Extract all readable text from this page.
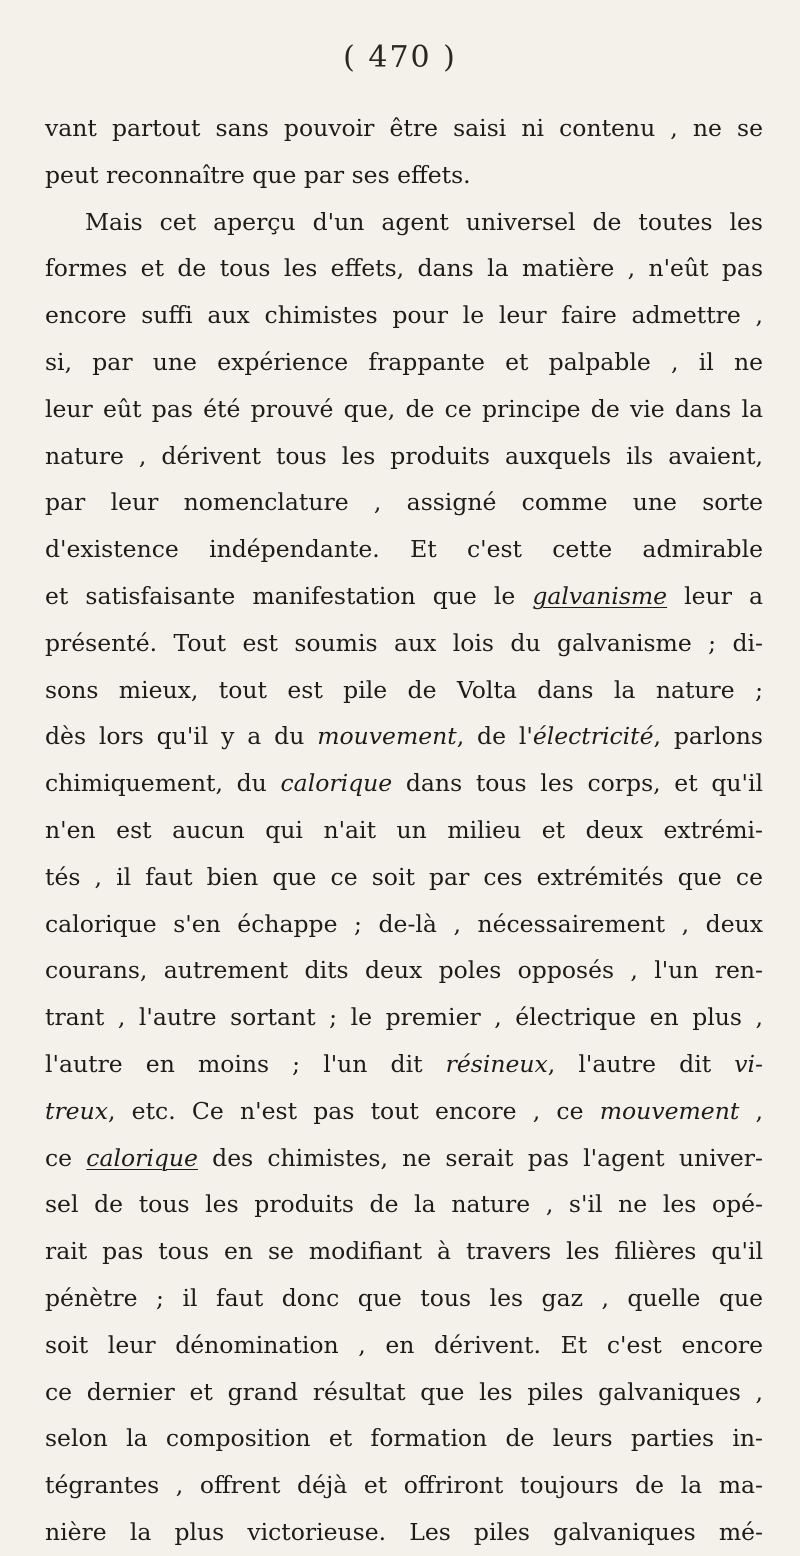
( 470 )
vant partout sans pouvoir être saisi ni contenu , ne se
peut reconnaître que par ses effets.
Mais cet aperçu d'un agent universel de toutes les
formes et de tous les effets, dans la matière , n'eût pas
encore suffi aux chimistes pour le leur faire admettre ,
si, par une expérience frappante et palpable , il ne
leur eût pas été prouvé que, de ce principe de vie dans la
nature , dérivent tous les produits auxquels ils avaient,
par leur nomenclature , assigné comme une sorte
d'existence indépendante. Et c'est cette admirable
et satisfaisante manifestation que le galvanisme leur a
présenté. Tout est soumis aux lois du galvanisme ; di-
sons mieux, tout est pile de Volta dans la nature ;
dès lors qu'il y a du mouvement, de l'électricité, parlons
chimiquement, du calorique dans tous les corps, et qu'il
n'en est aucun qui n'ait un milieu et deux extrémi-
tés , il faut bien que ce soit par ces extrémités que ce
calorique s'en échappe ; de-là , nécessairement , deux
courans, autrement dits deux poles opposés , l'un ren-
trant , l'autre sortant ; le premier , électrique en plus ,
l'autre en moins ; l'un dit résineux, l'autre dit vi-
treux, etc. Ce n'est pas tout encore , ce mouvement ,
ce calorique des chimistes, ne serait pas l'agent univer-
sel de tous les produits de la nature , s'il ne les opé-
rait pas tous en se modifiant à travers les filières qu'il
pénètre ; il faut donc que tous les gaz , quelle que
soit leur dénomination , en dérivent. Et c'est encore
ce dernier et grand résultat que les piles galvaniques ,
selon la composition et formation de leurs parties in-
tégrantes , offrent déjà et offriront toujours de la ma-
nière la plus victorieuse. Les piles galvaniques mé-
